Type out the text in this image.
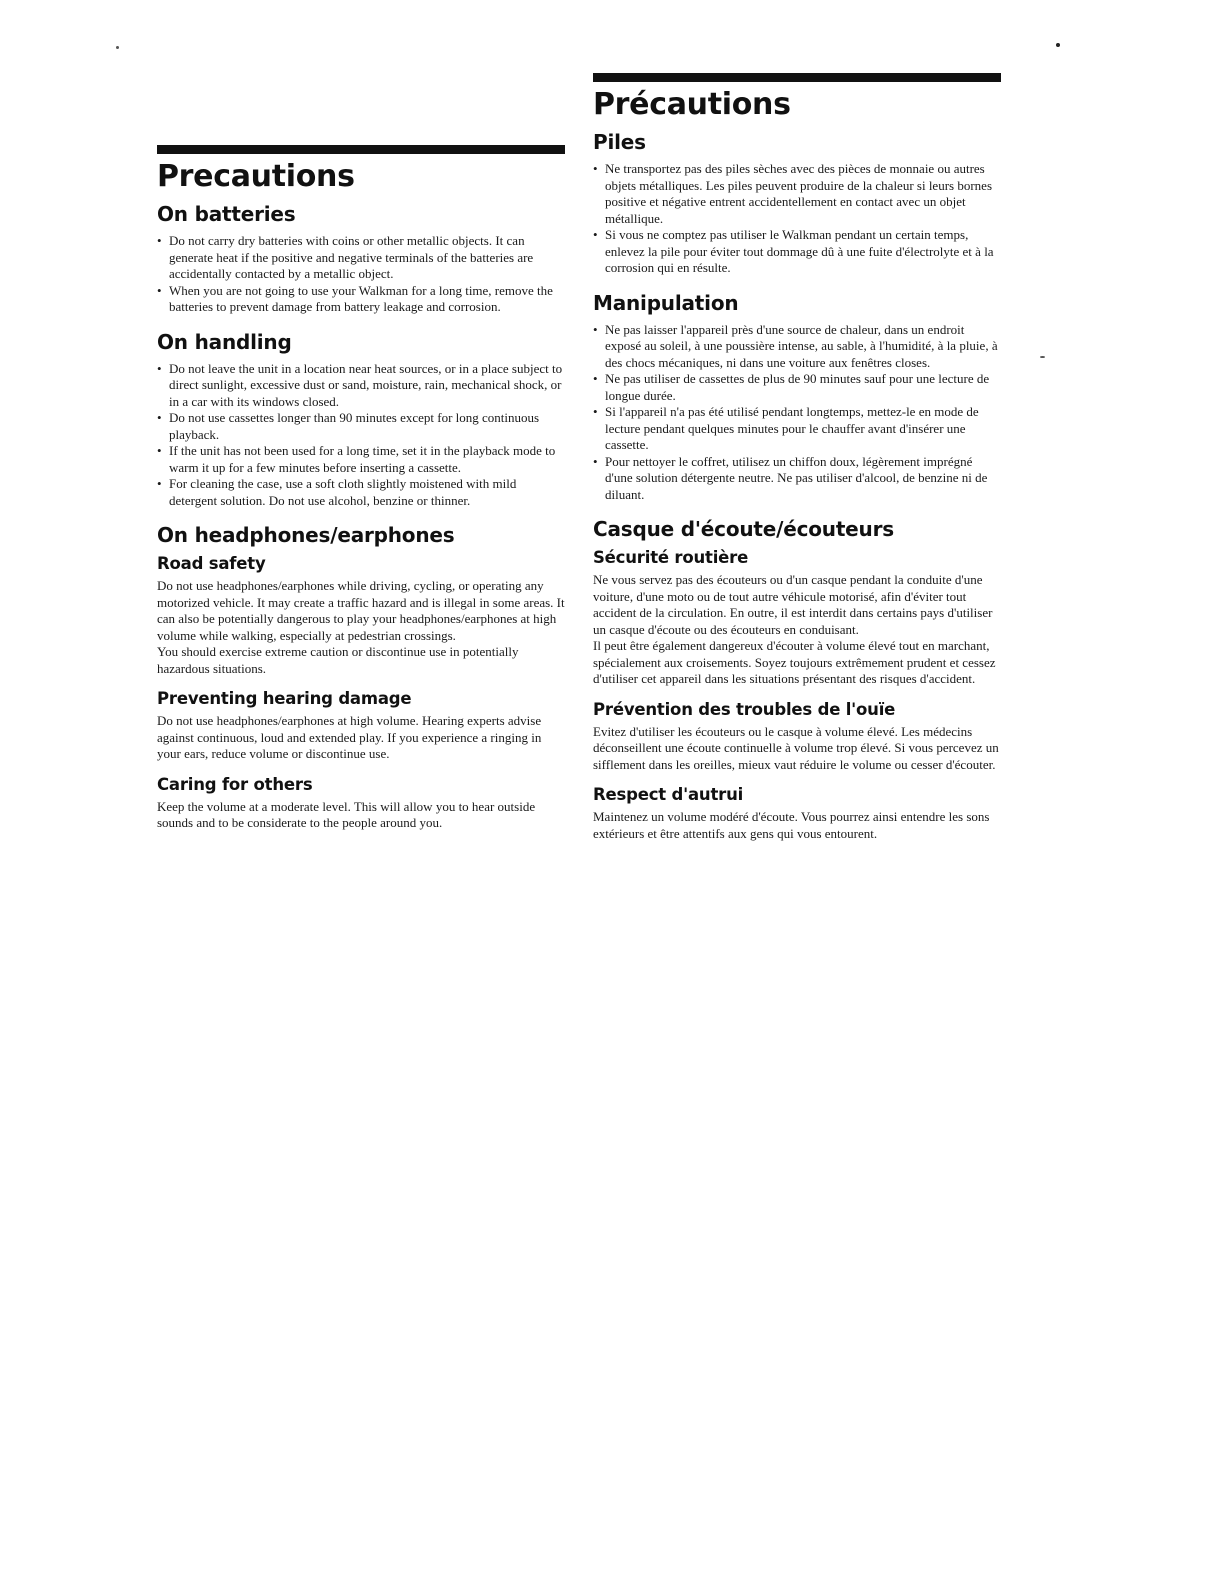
Precautions
On batteries
• Do not carry dry batteries with coins or other metallic objects. It can generate heat if the positive and negative terminals of the batteries are accidentally contacted by a metallic object.
• When you are not going to use your Walkman for a long time, remove the batteries to prevent damage from battery leakage and corrosion.
On handling
• Do not leave the unit in a location near heat sources, or in a place subject to direct sunlight, excessive dust or sand, moisture, rain, mechanical shock, or in a car with its windows closed.
• Do not use cassettes longer than 90 minutes except for long continuous playback.
• If the unit has not been used for a long time, set it in the playback mode to warm it up for a few minutes before inserting a cassette.
• For cleaning the case, use a soft cloth slightly moistened with mild detergent solution. Do not use alcohol, benzine or thinner.
On headphones/earphones
Road safety

Do not use headphones/earphones while driving, cycling, or operating any motorized vehicle. It may create a traffic hazard and is illegal in some areas. It can also be potentially dangerous to play your headphones/earphones at high volume while walking, especially at pedestrian crossings.

You should exercise extreme caution or discontinue use in potentially hazardous situations.

Preventing hearing damage

Do not use headphones/earphones at high volume. Hearing experts advise against continuous, loud and extended play. If you experience a ringing in your ears, reduce volume or discontinue use.

Caring for others

Keep the volume at a moderate level. This will allow you to hear outside sounds and to be considerate to the people around you.

Précautions
Piles
• Ne transportez pas des piles sèches avec des pièces de monnaie ou autres objets métalliques. Les piles peuvent produire de la chaleur si leurs bornes positive et négative entrent accidentellement en contact avec un objet métallique.
• Si vous ne comptez pas utiliser le Walkman pendant un certain temps, enlevez la pile pour éviter tout dommage dû à une fuite d'électrolyte et à la corrosion qui en résulte.
Manipulation
• Ne pas laisser l'appareil près d'une source de chaleur, dans un endroit exposé au soleil, à une poussière intense, au sable, à l'humidité, à la pluie, à des chocs mécaniques, ni dans une voiture aux fenêtres closes.
• Ne pas utiliser de cassettes de plus de 90 minutes sauf pour une lecture de longue durée.
• Si l'appareil n'a pas été utilisé pendant longtemps, mettez-le en mode de lecture pendant quelques minutes pour le chauffer avant d'insérer une cassette.
• Pour nettoyer le coffret, utilisez un chiffon doux, légèrement imprégné d'une solution détergente neutre. Ne pas utiliser d'alcool, de benzine ni de diluant.
Casque d'écoute/écouteurs
Sécurité routière

Ne vous servez pas des écouteurs ou d'un casque pendant la conduite d'une voiture, d'une moto ou de tout autre véhicule motorisé, afin d'éviter tout accident de la circulation. En outre, il est interdit dans certains pays d'utiliser un casque d'écoute ou des écouteurs en conduisant.

Il peut être également dangereux d'écouter à volume élevé tout en marchant, spécialement aux croisements. Soyez toujours extrêmement prudent et cessez d'utiliser cet appareil dans les situations présentant des risques d'accident.

Prévention des troubles de l'ouïe

Evitez d'utiliser les écouteurs ou le casque à volume élevé. Les médecins déconseillent une écoute continuelle à volume trop élevé. Si vous percevez un sifflement dans les oreilles, mieux vaut réduire le volume ou cesser d'écouter.

Respect d'autrui

Maintenez un volume modéré d'écoute. Vous pourrez ainsi entendre les sons extérieurs et être attentifs aux gens qui vous entourent.
